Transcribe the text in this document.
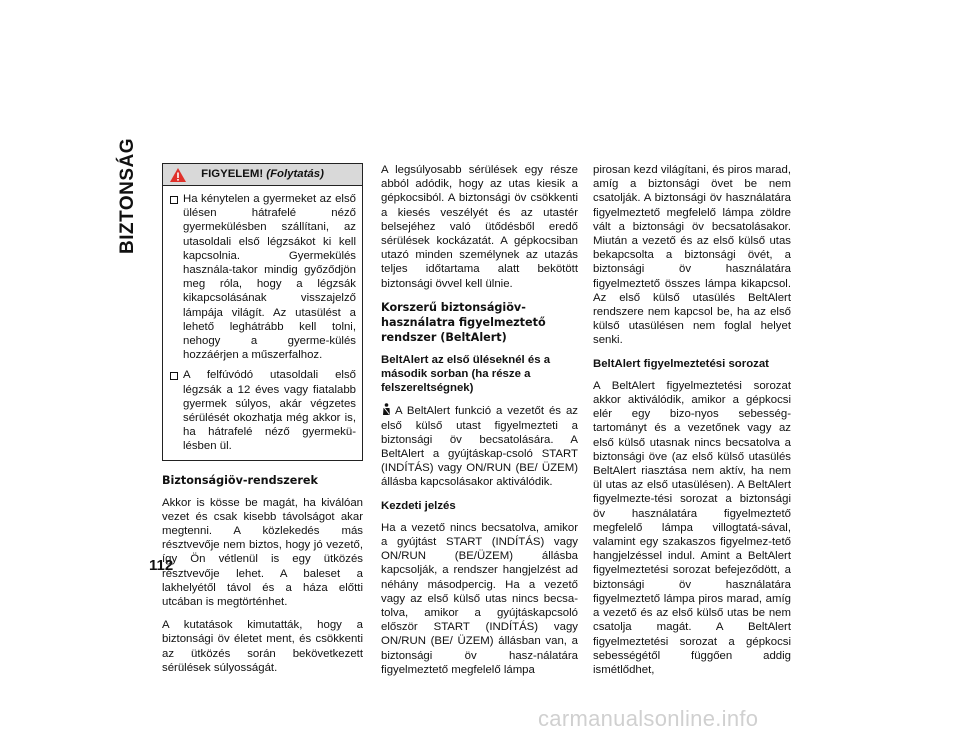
BIZTONSÁG
112
FIGYELEM! (Folytatás)
Ha kénytelen a gyermeket az első ülésen hátrafelé néző gyermekülésben szállítani, az utasoldali első légzsákot ki kell kapcsolnia. Gyermekülés használa-takor mindig győződjön meg róla, hogy a légzsák kikapcsolásának visszajelző lámpája világít. Az utasülést a lehető leghátrább kell tolni, nehogy a gyerme-külés hozzáérjen a műszerfalhoz.
A felfúvódó utasoldali első légzsák a 12 éves vagy fiatalabb gyermek súlyos, akár végzetes sérülését okozhatja még akkor is, ha hátrafelé néző gyermekü-lésben ül.
Biztonságiöv-rendszerek

Akkor is kösse be magát, ha kiválóan vezet és csak kisebb távolságot akar megtenni. A közlekedés más résztvevője nem biztos, hogy jó vezető, így Ön vétlenül is egy ütközés résztvevője lehet. A baleset a lakhelyétől távol és a háza előtti utcában is megtörténhet.

A kutatások kimutatták, hogy a biztonsági öv életet ment, és csökkenti az ütközés során bekövetkezett sérülések súlyosságát.

A legsúlyosabb sérülések egy része abból adódik, hogy az utas kiesik a gépkocsiból. A biztonsági öv csökkenti a kiesés veszélyét és az utastér belsejéhez való ütődésből eredő sérülések kockázatát. A gépkocsiban utazó minden személynek az utazás teljes időtartama alatt bekötött biztonsági övvel kell ülnie.

Korszerű biztonságiöv-használatra figyelmeztető rendszer (BeltAlert)
BeltAlert az első üléseknél és a második sorban (ha része a felszereltségnek)

A BeltAlert funkció a vezetőt és az első külső utast figyelmezteti a biztonsági öv becsatolására. A BeltAlert a gyújtáskap-csoló START (INDÍTÁS) vagy ON/RUN (BE/ ÜZEM) állásba kapcsolásakor aktiválódik.

Kezdeti jelzés

Ha a vezető nincs becsatolva, amikor a gyújtást START (INDÍTÁS) vagy ON/RUN (BE/ÜZEM) állásba kapcsolják, a rendszer hangjelzést ad néhány másodpercig. Ha a vezető vagy az első külső utas nincs becsa-tolva, amikor a gyújtáskapcsoló először START (INDÍTÁS) vagy ON/RUN (BE/ ÜZEM) állásban van, a biztonsági öv hasz-nálatára figyelmeztető megfelelő lámpa

pirosan kezd világítani, és piros marad, amíg a biztonsági övet be nem csatolják. A biztonsági öv használatára figyelmeztető megfelelő lámpa zöldre vált a biztonsági öv becsatolásakor. Miután a vezető és az első külső utas bekapcsolta a biztonsági övét, a biztonsági öv használatára figyelmeztető összes lámpa kikapcsol. Az első külső utasülés BeltAlert rendszere nem kapcsol be, ha az első külső utasülésen nem foglal helyet senki.

BeltAlert figyelmeztetési sorozat

A BeltAlert figyelmeztetési sorozat akkor aktiválódik, amikor a gépkocsi elér egy bizo-nyos sebesség-tartományt és a vezetőnek vagy az első külső utasnak nincs becsatolva a biztonsági öve (az első külső utasülés BeltAlert riasztása nem aktív, ha nem ül utas az első utasülésen). A BeltAlert figyelmezte-tési sorozat a biztonsági öv használatára figyelmeztető megfelelő lámpa villogtatá-sával, valamint egy szakaszos figyelmez-tető hangjelzéssel indul. Amint a BeltAlert figyelmeztetési sorozat befejeződött, a biztonsági öv használatára figyelmeztető lámpa piros marad, amíg a vezető és az első külső utas be nem csatolja magát. A BeltAlert figyelmeztetési sorozat a gépkocsi sebességétől függően addig ismétlődhet,

carmanualsonline.info
